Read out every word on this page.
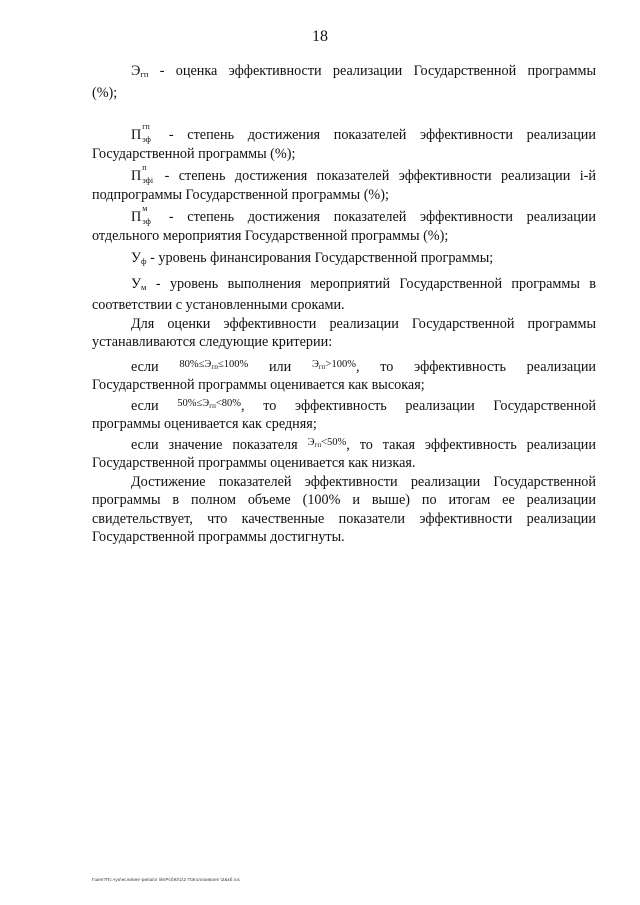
18
$Э_{гп}$ - оценка эффективности реализации Государственной программы
(%);
П
гп
эф - степень достижения показателей эффективности реализации
Государственной программы (%);
П
п
эфi - степень достижения показателей эффективности реализации i-й
подпрограммы Государственной программы (%);
П
м
эф - степень достижения показателей эффективности реализации
отдельного мероприятия Государственной программы (%);
$У_ф$ - уровень финансирования Государственной программы;
$У_м$ - уровень выполнения мероприятий Государственной программы в
соответствии с установленными сроками.
Для оценки эффективности реализации Государственной программы
устанавливаются следующие критерии:
если $^{80\%\le Э_{гп}\le 100\%}$ или $^{Э_{гп}>100\%}$, то эффективность реализации
Государственной программы оценивается как высокая;
если $^{50\%\le Э_{гп}<80\%}$, то эффективность реализации Государственной
программы оценивается как средняя;
если значение показателя $^{Э_{гп}<50\%}$, то такая эффективность реализации
Государственной программы оценивается как низкая.
Достижение показателей эффективности реализации Государственной
программы в полном объеме (100% и выше) по итогам ее реализации
свидетельствует, что качественные показатели эффективности реализации
Государственной программы достигнуты.
Гшеп?Пс.чуо\нсли\инг-рипш\л \йлРсбЮ\1\2 ПЭголлоивоеп \2&кб.\ос
